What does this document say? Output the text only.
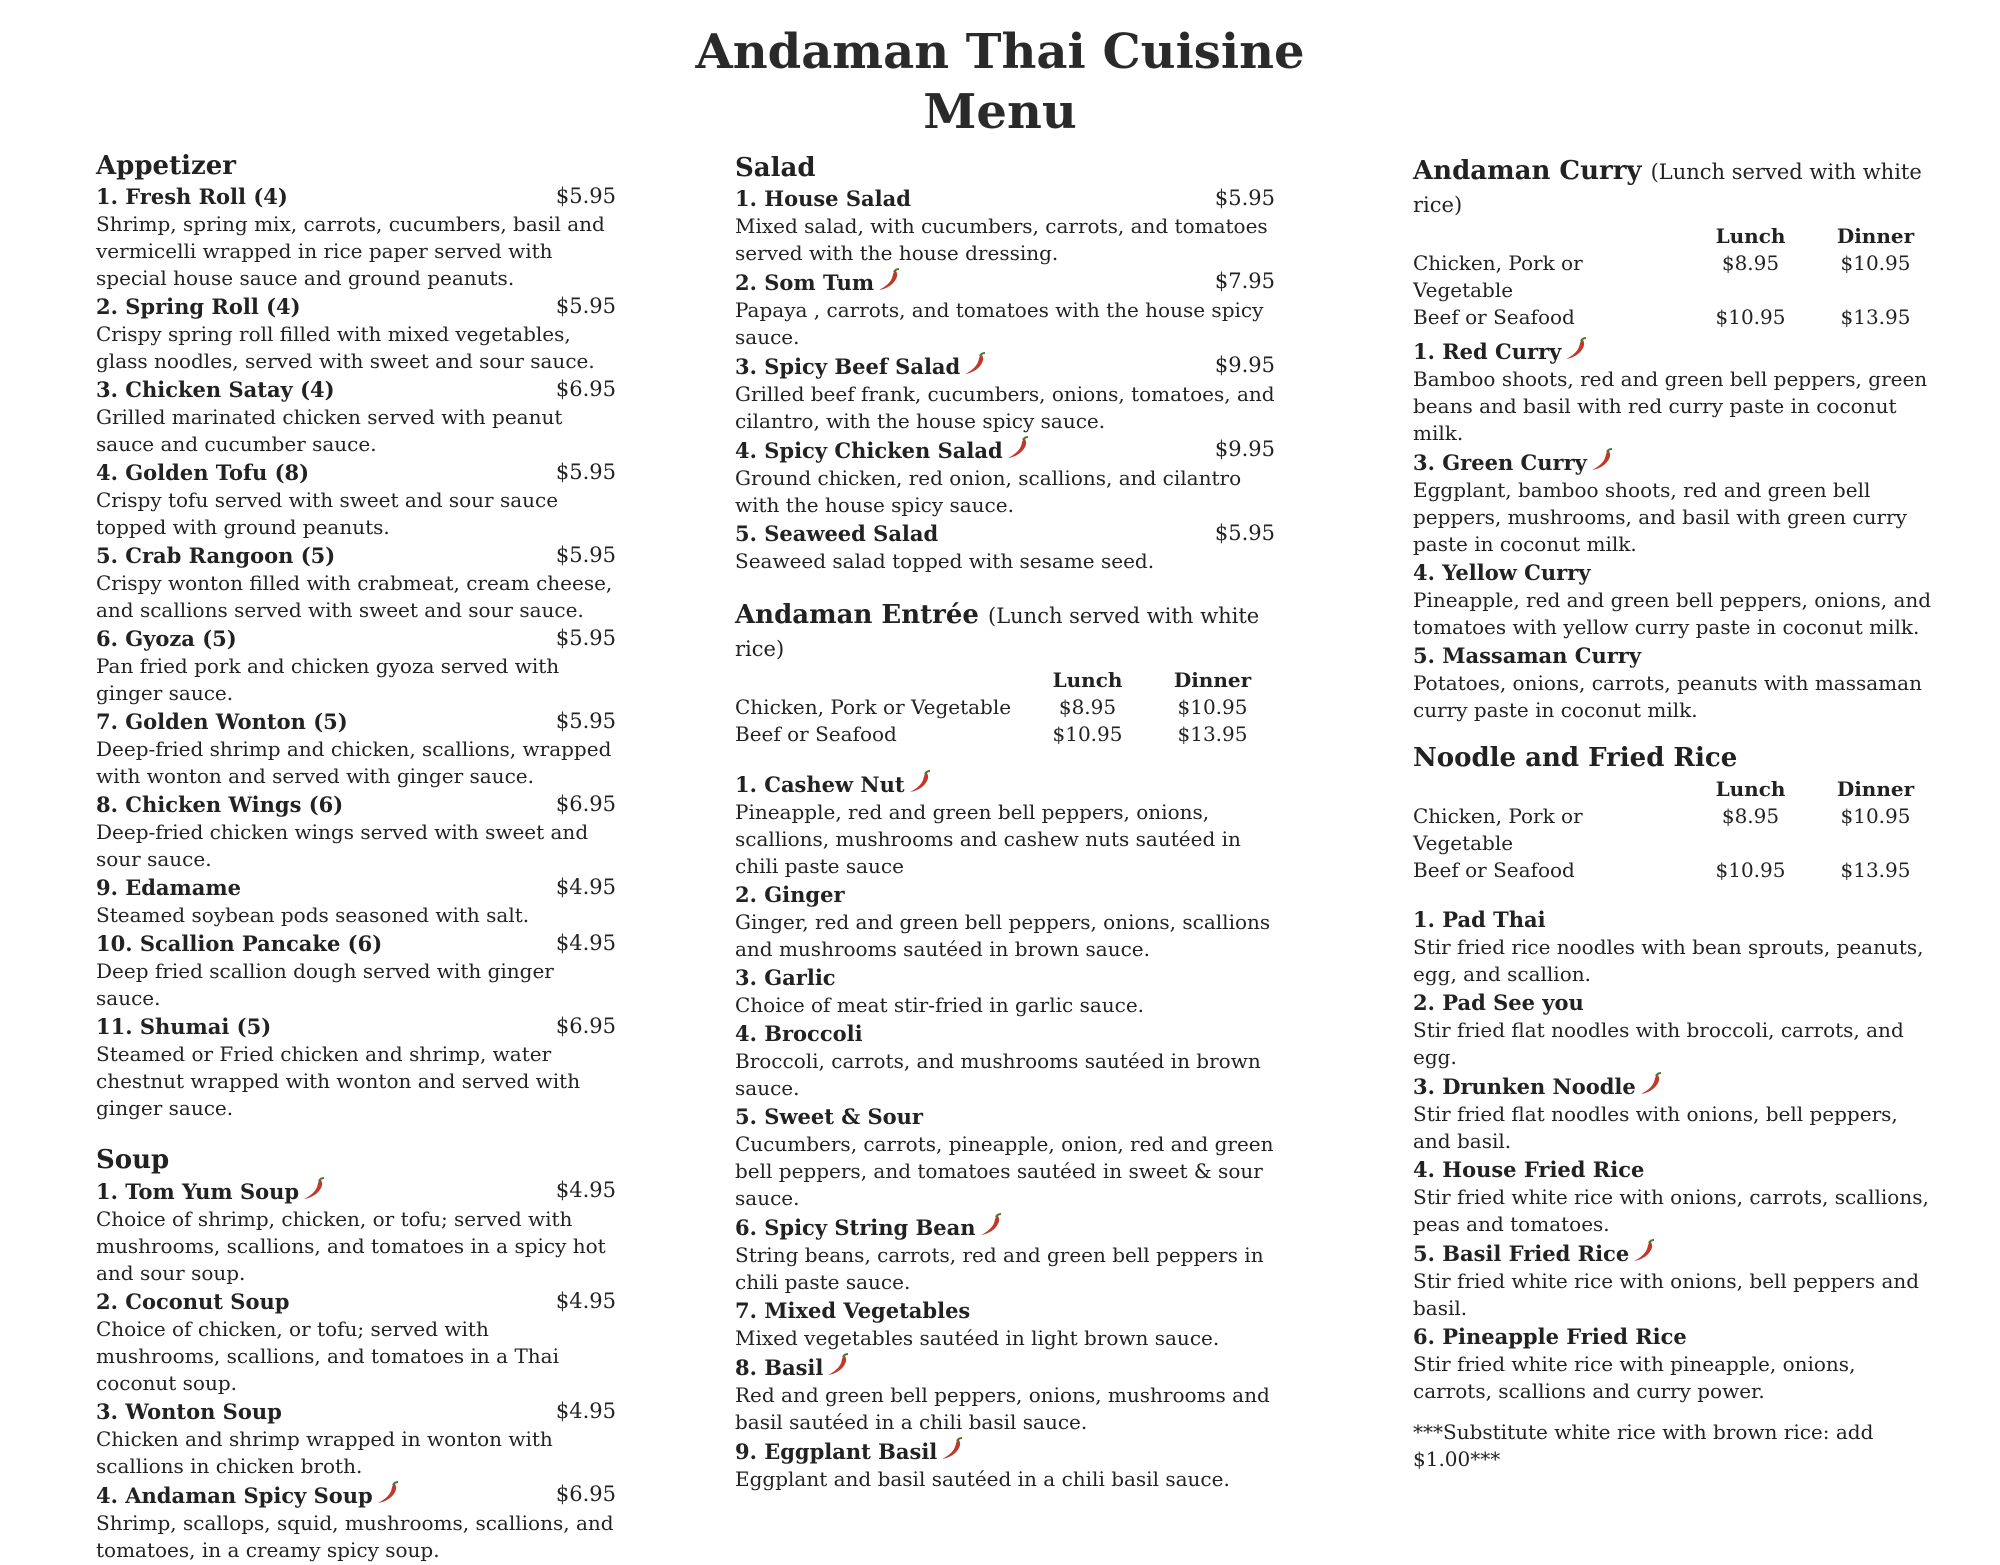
Andaman Thai Cuisine
Menu
Appetizer
1. Fresh Roll (4)	$5.95
Shrimp, spring mix, carrots, cucumbers, basil and vermicelli wrapped in rice paper served with special house sauce and ground peanuts.
2. Spring Roll (4)	$5.95
Crispy spring roll filled with mixed vegetables, glass noodles, served with sweet and sour sauce.
3. Chicken Satay (4)	$6.95
Grilled marinated chicken served with peanut sauce and cucumber sauce.
4. Golden Tofu (8)	$5.95
Crispy tofu served with sweet and sour sauce topped with ground peanuts.
5. Crab Rangoon (5)	$5.95
Crispy wonton filled with crabmeat, cream cheese, and scallions served with sweet and sour sauce.
6. Gyoza (5)	$5.95
Pan fried pork and chicken gyoza served with ginger sauce.
7. Golden Wonton (5)	$5.95
Deep-fried shrimp and chicken, scallions, wrapped with wonton and served with ginger sauce.
8. Chicken Wings (6)	$6.95
Deep-fried chicken wings served with sweet and sour sauce.
9. Edamame	$4.95
Steamed soybean pods seasoned with salt.
10. Scallion Pancake (6)	$4.95
Deep fried scallion dough served with ginger sauce.
11. Shumai (5)	$6.95
Steamed or Fried chicken and shrimp, water chestnut wrapped with wonton and served with ginger sauce.
Soup
1. Tom Yum Soup	$4.95
Choice of shrimp, chicken, or tofu; served with mushrooms, scallions, and tomatoes in a spicy hot and sour soup.
2. Coconut Soup	$4.95
Choice of chicken, or tofu; served with mushrooms, scallions, and tomatoes in a Thai coconut soup.
3. Wonton Soup	$4.95
Chicken and shrimp wrapped in wonton with scallions in chicken broth.
4. Andaman Spicy Soup	$6.95
Shrimp, scallops, squid, mushrooms, scallions, and tomatoes, in a creamy spicy soup.
Salad
1. House Salad	$5.95
Mixed salad, with cucumbers, carrots, and tomatoes served with the house dressing.
2. Som Tum	$7.95
Papaya , carrots, and tomatoes with the house spicy sauce.
3. Spicy Beef Salad	$9.95
Grilled beef frank, cucumbers, onions, tomatoes, and cilantro, with the house spicy sauce.
4. Spicy Chicken Salad	$9.95
Ground chicken, red onion, scallions, and cilantro with the house spicy sauce.
5. Seaweed Salad	$5.95
Seaweed salad topped with sesame seed.
Andaman Entrée (Lunch served with white rice)
Lunch	Dinner
Chicken, Pork or Vegetable	$8.95	$10.95
Beef or Seafood	$10.95	$13.95
1. Cashew Nut
Pineapple, red and green bell peppers, onions, scallions, mushrooms and cashew nuts sautéed in chili paste sauce
2. Ginger
Ginger, red and green bell peppers, onions, scallions and mushrooms sautéed in brown sauce.
3. Garlic
Choice of meat stir-fried in garlic sauce.
4. Broccoli
Broccoli, carrots, and mushrooms sautéed in brown sauce.
5. Sweet & Sour
Cucumbers, carrots, pineapple, onion, red and green bell peppers, and tomatoes sautéed in sweet & sour sauce.
6. Spicy String Bean
String beans, carrots, red and green bell peppers in chili paste sauce.
7. Mixed Vegetables
Mixed vegetables sautéed in light brown sauce.
8. Basil
Red and green bell peppers, onions, mushrooms and basil sautéed in a chili basil sauce.
9. Eggplant Basil
Eggplant and basil sautéed in a chili basil sauce.
Andaman Curry (Lunch served with white rice)
Lunch	Dinner
Chicken, Pork or Vegetable
$8.95	$10.95
Beef or Seafood	$10.95	$13.95
1. Red Curry
Bamboo shoots, red and green bell peppers, green beans and basil with red curry paste in coconut milk.
3. Green Curry
Eggplant, bamboo shoots, red and green bell peppers, mushrooms, and basil with green curry paste in coconut milk.
4. Yellow Curry
Pineapple, red and green bell peppers, onions, and tomatoes with yellow curry paste in coconut milk.
5. Massaman Curry
Potatoes, onions, carrots, peanuts with massaman curry paste in coconut milk.
Noodle and Fried Rice
Lunch	Dinner
Chicken, Pork or Vegetable
$8.95	$10.95
Beef or Seafood	$10.95	$13.95
1. Pad Thai
Stir fried rice noodles with bean sprouts, peanuts, egg, and scallion.
2. Pad See you
Stir fried flat noodles with broccoli, carrots, and egg.
3. Drunken Noodle
Stir fried flat noodles with onions, bell peppers, and basil.
4. House Fried Rice
Stir fried white rice with onions, carrots, scallions, peas and tomatoes.
5. Basil Fried Rice
Stir fried white rice with onions, bell peppers and basil.
6. Pineapple Fried Rice
Stir fried white rice with pineapple, onions, carrots, scallions and curry power.
***Substitute white rice with brown rice: add $1.00***
